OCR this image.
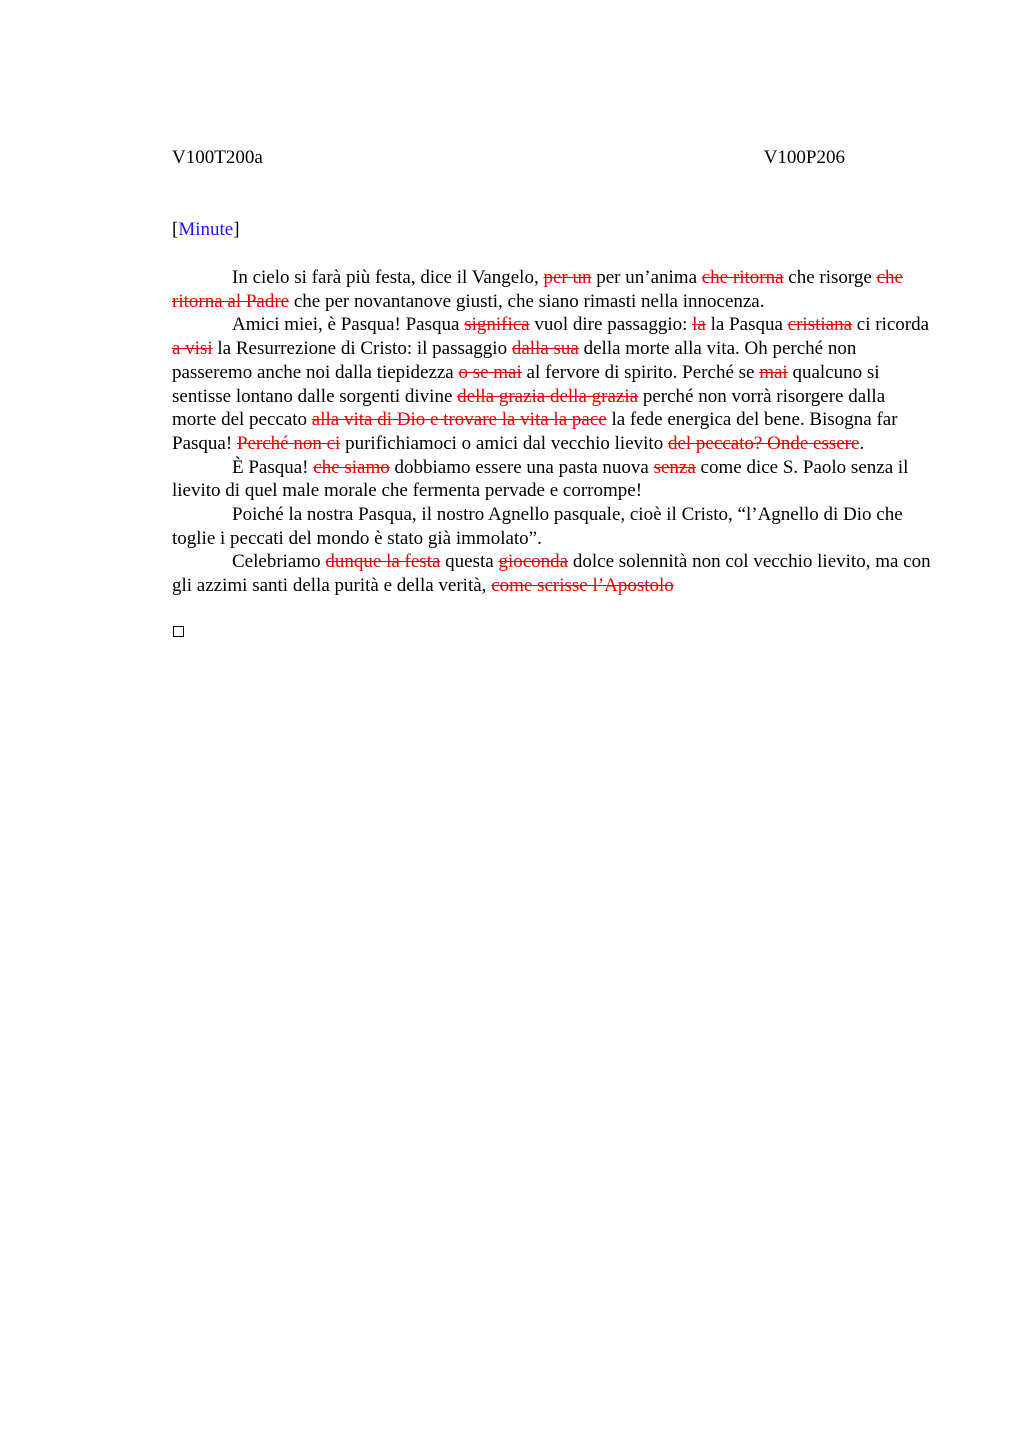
V100T200a	V100P206
[Minute]

In cielo si farà più festa, dice il Vangelo, per un per un’anima che ritorna che risorge che ritorna al Padre che per novantanove giusti, che siano rimasti nella innocenza.

Amici miei, è Pasqua! Pasqua significa vuol dire passaggio: la la Pasqua cristiana ci ricorda a visi la Resurrezione di Cristo: il passaggio dalla sua della morte alla vita. Oh perché non passeremo anche noi dalla tiepidezza o se mai al fervore di spirito. Perché se mai qualcuno si sentisse lontano dalle sorgenti divine della grazia della grazia perché non vorrà risorgere dalla morte del peccato alla vita di Dio e trovare la vita la pace la fede energica del bene. Bisogna far Pasqua! Perché non ci purifichiamoci o amici dal vecchio lievito del peccato? Onde essere.

È Pasqua! che siamo dobbiamo essere una pasta nuova senza come dice S. Paolo senza il lievito di quel male morale che fermenta pervade e corrompe!

Poiché la nostra Pasqua, il nostro Agnello pasquale, cioè il Cristo, “l’Agnello di Dio che toglie i peccati del mondo è stato già immolato”.

Celebriamo dunque la festa questa gioconda dolce solennità non col vecchio lievito, ma con gli azzimi santi della purità e della verità, come scrisse l’Apostolo
